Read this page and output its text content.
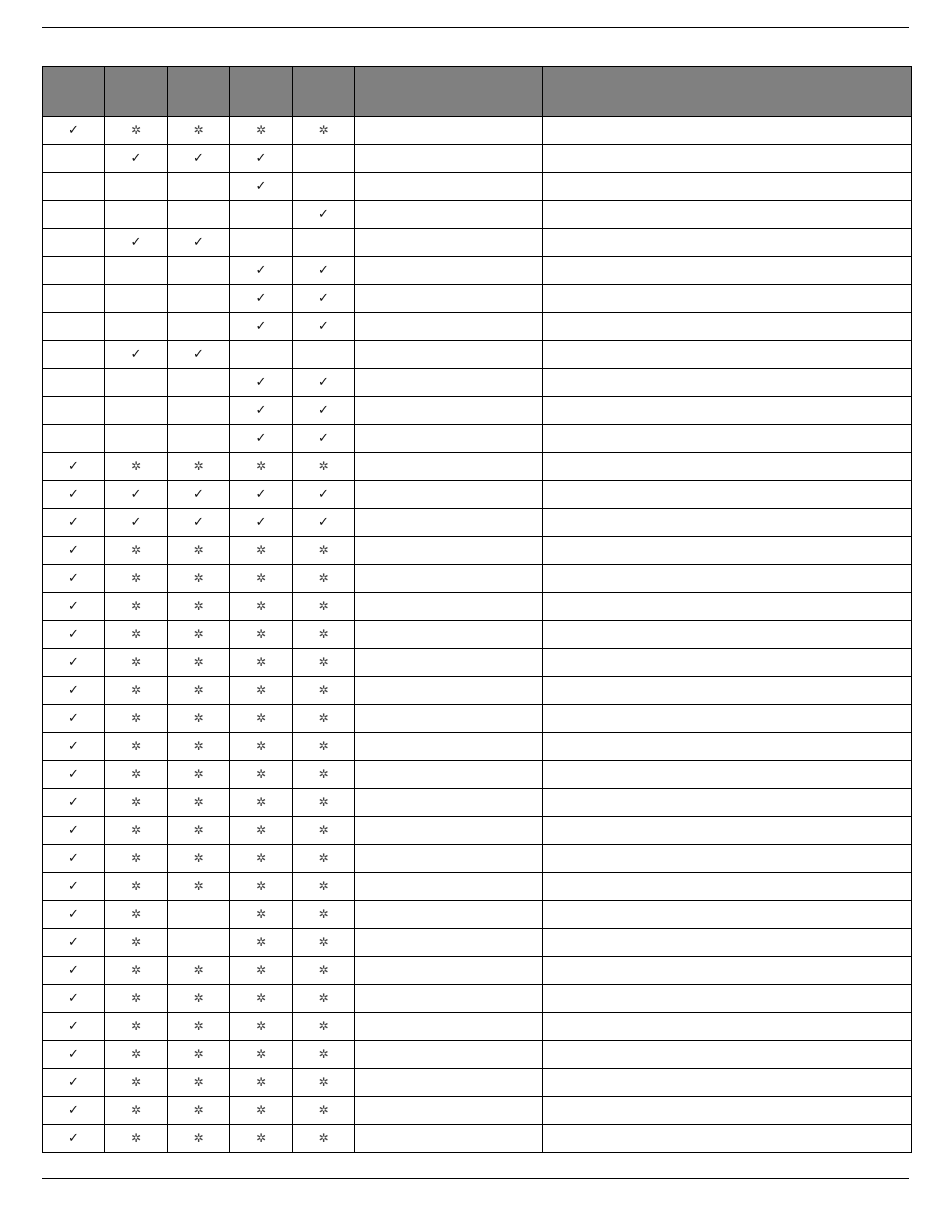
✓	✲	✲	✲	✲		
	✓	✓	✓			
			✓			
				✓		
	✓	✓				
			✓	✓		
			✓	✓		
			✓	✓		
	✓	✓				
			✓	✓		
			✓	✓		
			✓	✓		
✓	✲	✲	✲	✲		
✓	✓	✓	✓	✓		
✓	✓	✓	✓	✓		
✓	✲	✲	✲	✲		
✓	✲	✲	✲	✲		
✓	✲	✲	✲	✲		
✓	✲	✲	✲	✲		
✓	✲	✲	✲	✲		
✓	✲	✲	✲	✲		
✓	✲	✲	✲	✲		
✓	✲	✲	✲	✲		
✓	✲	✲	✲	✲		
✓	✲	✲	✲	✲		
✓	✲	✲	✲	✲		
✓	✲	✲	✲	✲		
✓	✲	✲	✲	✲		
✓	✲		✲	✲		
✓	✲		✲	✲		
✓	✲	✲	✲	✲		
✓	✲	✲	✲	✲		
✓	✲	✲	✲	✲		
✓	✲	✲	✲	✲		
✓	✲	✲	✲	✲		
✓	✲	✲	✲	✲		
✓	✲	✲	✲	✲		
